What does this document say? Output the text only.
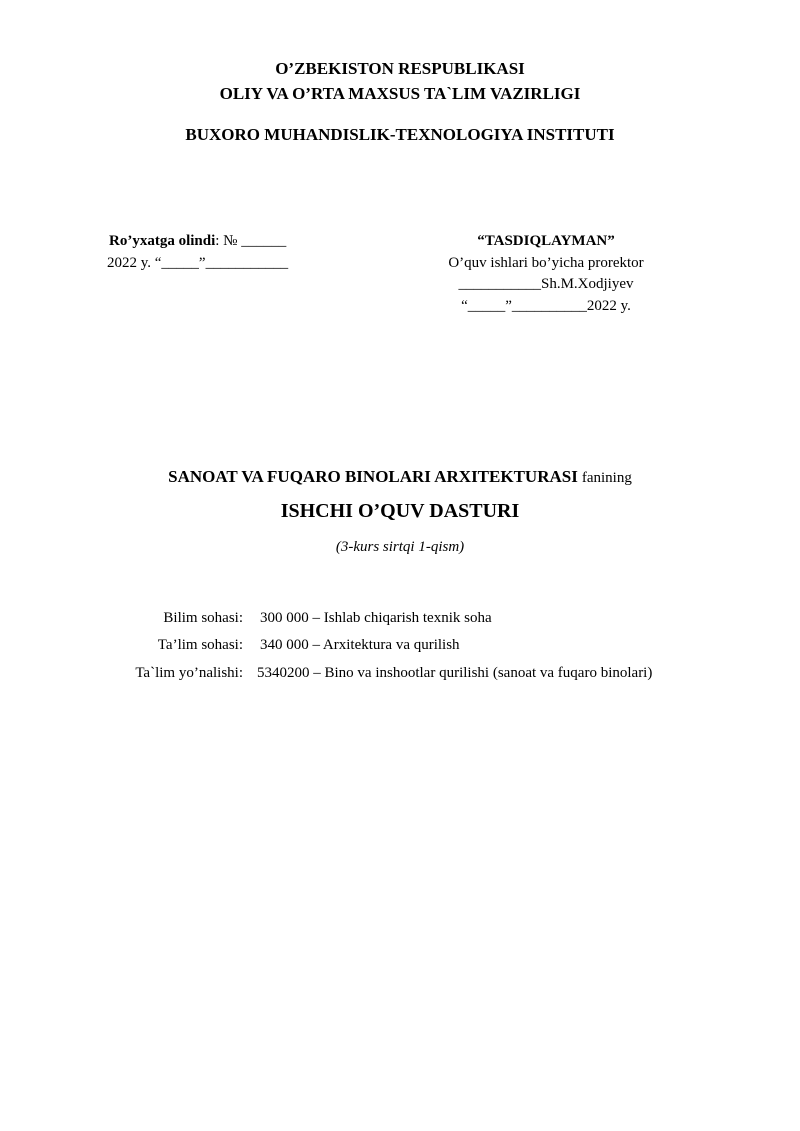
O’ZBEKISTON RESPUBLIKASI
OLIY VA O’RTA MAXSUS TA`LIM VAZIRLIGI
BUXORO MUHANDISLIK-TEXNOLOGIYA INSTITUTI
Ro’yxatga olindi: № ______
2022 y. “_____”___________
“TASDIQLAYMAN”
O’quv ishlari bo’yicha prorektor
___________Sh.M.Xodjiyev
“_____”__________2022 y.
SANOAT VA FUQARO BINOLARI ARXITEKTURASI fanining
ISHCHI O’QUV DASTURI
(3-kurs sirtqi 1-qism)
Bilim sohasi: 300 000 – Ishlab chiqarish texnik soha
Ta’lim sohasi: 340 000 – Arxitektura va qurilish
Ta`lim yo’nalishi: 5340200 – Bino va inshootlar qurilishi (sanoat va fuqaro binolari)
